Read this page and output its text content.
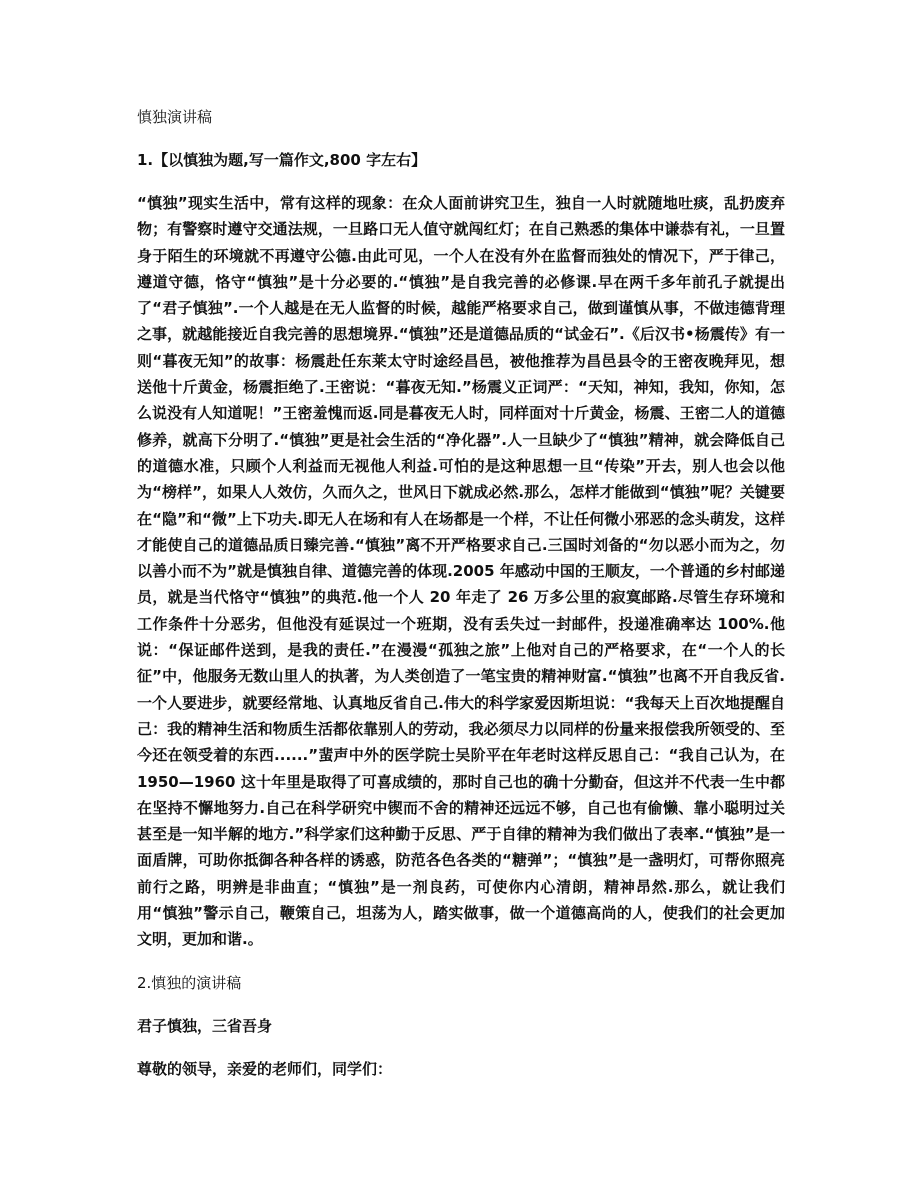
慎独演讲稿
1.【以慎独为题,写一篇作文,800 字左右】
“慎独”现实生活中，常有这样的现象：在众人面前讲究卫生，独自一人时就随地吐痰，乱扔废弃物；有警察时遵守交通法规，一旦路口无人值守就闯红灯；在自己熟悉的集体中谦恭有礼，一旦置身于陌生的环境就不再遵守公德.由此可见，一个人在没有外在监督而独处的情况下，严于律己，遵道守德，恪守“慎独”是十分必要的.“慎独”是自我完善的必修课.早在两千多年前孔子就提出了“君子慎独”.一个人越是在无人监督的时候，越能严格要求自己，做到谨慎从事，不做违德背理之事，就越能接近自我完善的思想境界.“慎独”还是道德品质的“试金石”.《后汉书•杨震传》有一则“暮夜无知”的故事：杨震赴任东莱太守时途经昌邑，被他推荐为昌邑县令的王密夜晚拜见，想送他十斤黄金，杨震拒绝了.王密说：“暮夜无知.”杨震义正词严：“天知，神知，我知，你知，怎么说没有人知道呢！”王密羞愧而返.同是暮夜无人时，同样面对十斤黄金，杨震、王密二人的道德修养，就高下分明了.“慎独”更是社会生活的“净化器”.人一旦缺少了“慎独”精神，就会降低自己的道德水准，只顾个人利益而无视他人利益.可怕的是这种思想一旦“传染”开去，别人也会以他为“榜样”，如果人人效仿，久而久之，世风日下就成必然.那么，怎样才能做到“慎独”呢？关键要在“隐”和“微”上下功夫.即无人在场和有人在场都是一个样，不让任何微小邪恶的念头萌发，这样才能使自己的道德品质日臻完善.“慎独”离不开严格要求自己.三国时刘备的“勿以恶小而为之，勿以善小而不为”就是慎独自律、道德完善的体现.2005 年感动中国的王顺友，一个普通的乡村邮递员，就是当代恪守“慎独”的典范.他一个人 20 年走了 26 万多公里的寂寞邮路.尽管生存环境和工作条件十分恶劣，但他没有延误过一个班期，没有丢失过一封邮件，投递准确率达 100%.他说：“保证邮件送到，是我的责任.”在漫漫“孤独之旅”上他对自己的严格要求，在“一个人的长征”中，他服务无数山里人的执著，为人类创造了一笔宝贵的精神财富.“慎独”也离不开自我反省.一个人要进步，就要经常地、认真地反省自己.伟大的科学家爱因斯坦说：“我每天上百次地提醒自己：我的精神生活和物质生活都依靠别人的劳动，我必须尽力以同样的份量来报偿我所领受的、至今还在领受着的东西......”蜚声中外的医学院士吴阶平在年老时这样反思自己：“我自己认为，在 1950—1960 这十年里是取得了可喜成绩的，那时自己也的确十分勤奋，但这并不代表一生中都在坚持不懈地努力.自己在科学研究中锲而不舍的精神还远远不够，自己也有偷懒、靠小聪明过关甚至是一知半解的地方.”科学家们这种勤于反思、严于自律的精神为我们做出了表率.“慎独”是一面盾牌，可助你抵御各种各样的诱惑，防范各色各类的“糖弹”；“慎独”是一盏明灯，可帮你照亮前行之路，明辨是非曲直；“慎独”是一剂良药，可使你内心清朗，精神昂然.那么，就让我们用“慎独”警示自己，鞭策自己，坦荡为人，踏实做事，做一个道德高尚的人，使我们的社会更加文明，更加和谐.。
2.慎独的演讲稿
君子慎独，三省吾身
尊敬的领导，亲爱的老师们，同学们：
